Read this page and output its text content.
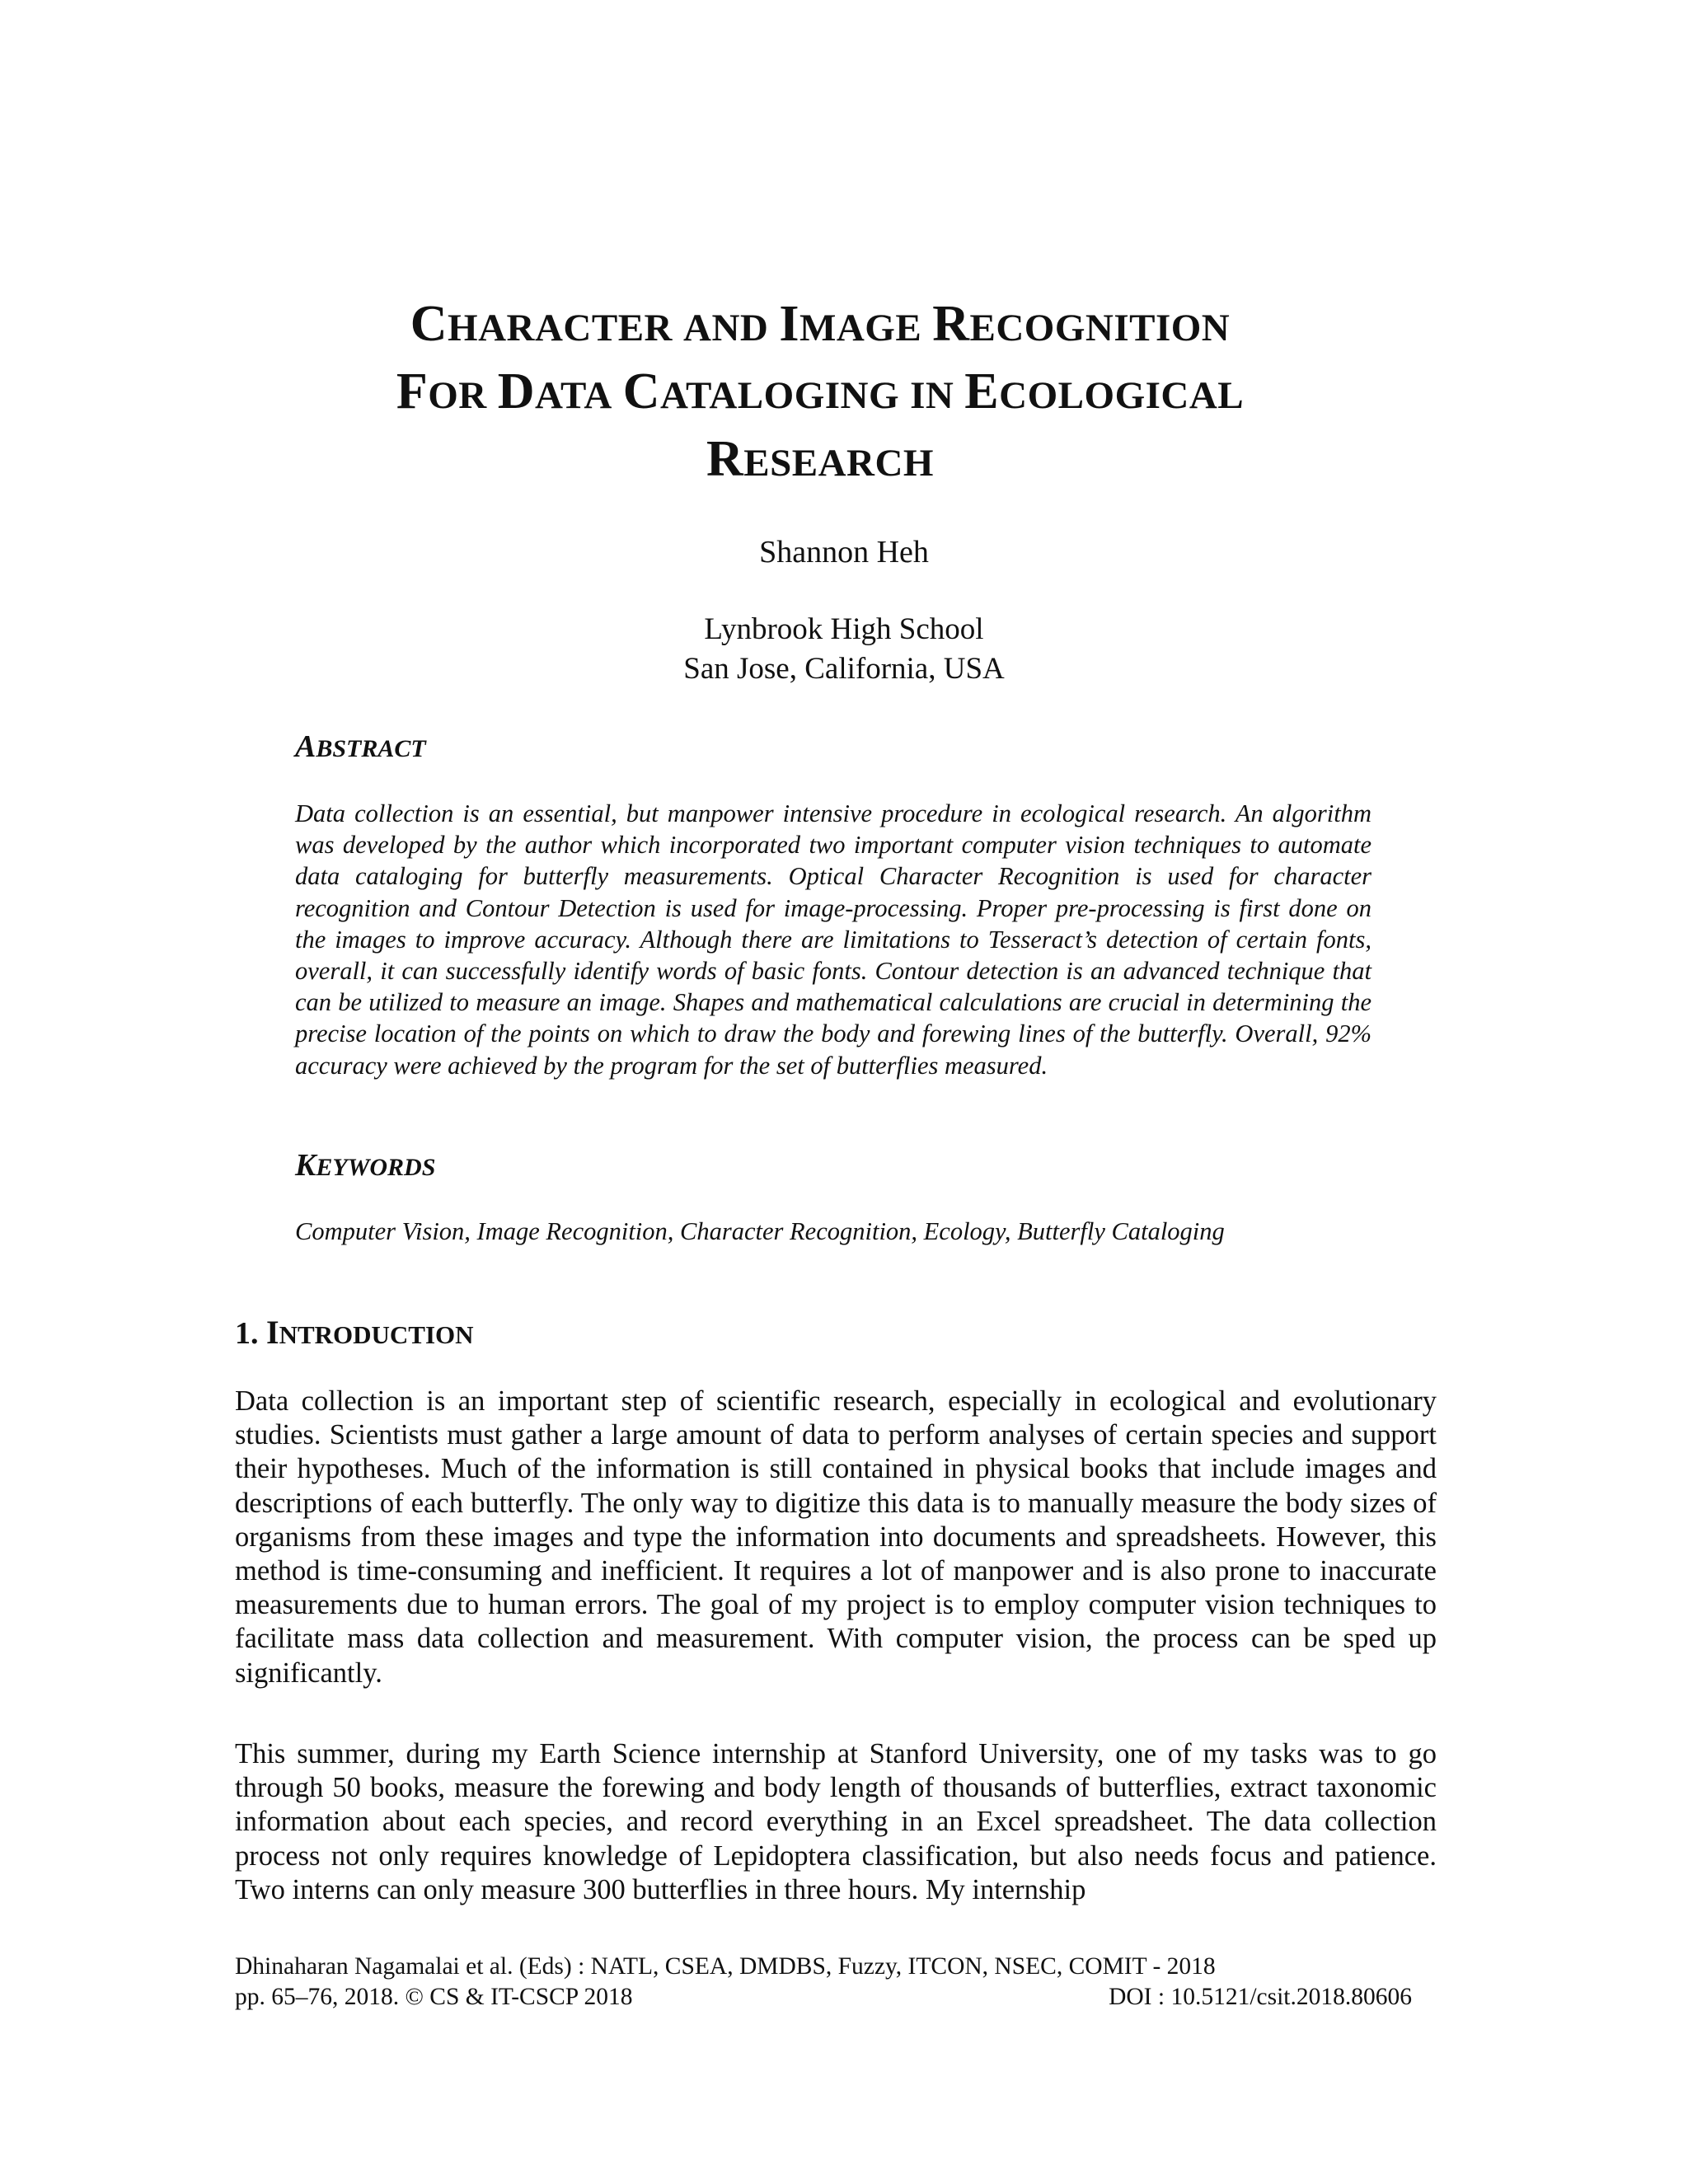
CHARACTER AND IMAGE RECOGNITION
FOR DATA CATALOGING IN ECOLOGICAL
RESEARCH

Shannon Heh

Lynbrook High School
San Jose, California, USA

ABSTRACT

Data collection is an essential, but manpower intensive procedure in ecological research. An algorithm was developed by the author which incorporated two important computer vision techniques to automate data cataloging for butterfly measurements. Optical Character Recognition is used for character recognition and Contour Detection is used for image-processing. Proper pre-processing is first done on the images to improve accuracy. Although there are limitations to Tesseract’s detection of certain fonts, overall, it can successfully identify words of basic fonts. Contour detection is an advanced technique that can be utilized to measure an image. Shapes and mathematical calculations are crucial in determining the precise location of the points on which to draw the body and forewing lines of the butterfly. Overall, 92% accuracy were achieved by the program for the set of butterflies measured.

KEYWORDS

Computer Vision, Image Recognition, Character Recognition, Ecology, Butterfly Cataloging

1. INTRODUCTION

Data collection is an important step of scientific research, especially in ecological and evolutionary studies. Scientists must gather a large amount of data to perform analyses of certain species and support their hypotheses. Much of the information is still contained in physical books that include images and descriptions of each butterfly. The only way to digitize this data is to manually measure the body sizes of organisms from these images and type the information into documents and spreadsheets. However, this method is time-consuming and inefficient. It requires a lot of manpower and is also prone to inaccurate measurements due to human errors. The goal of my project is to employ computer vision techniques to facilitate mass data collection and measurement. With computer vision, the process can be sped up significantly.

This summer, during my Earth Science internship at Stanford University, one of my tasks was to go through 50 books, measure the forewing and body length of thousands of butterflies, extract taxonomic information about each species, and record everything in an Excel spreadsheet. The data collection process not only requires knowledge of Lepidoptera classification, but also needs focus and patience. Two interns can only measure 300 butterflies in three hours. My internship

Dhinaharan Nagamalai et al. (Eds) : NATL, CSEA, DMDBS, Fuzzy, ITCON, NSEC, COMIT - 2018
pp. 65–76, 2018. © CS & IT-CSCP 2018	DOI : 10.5121/csit.2018.80606
